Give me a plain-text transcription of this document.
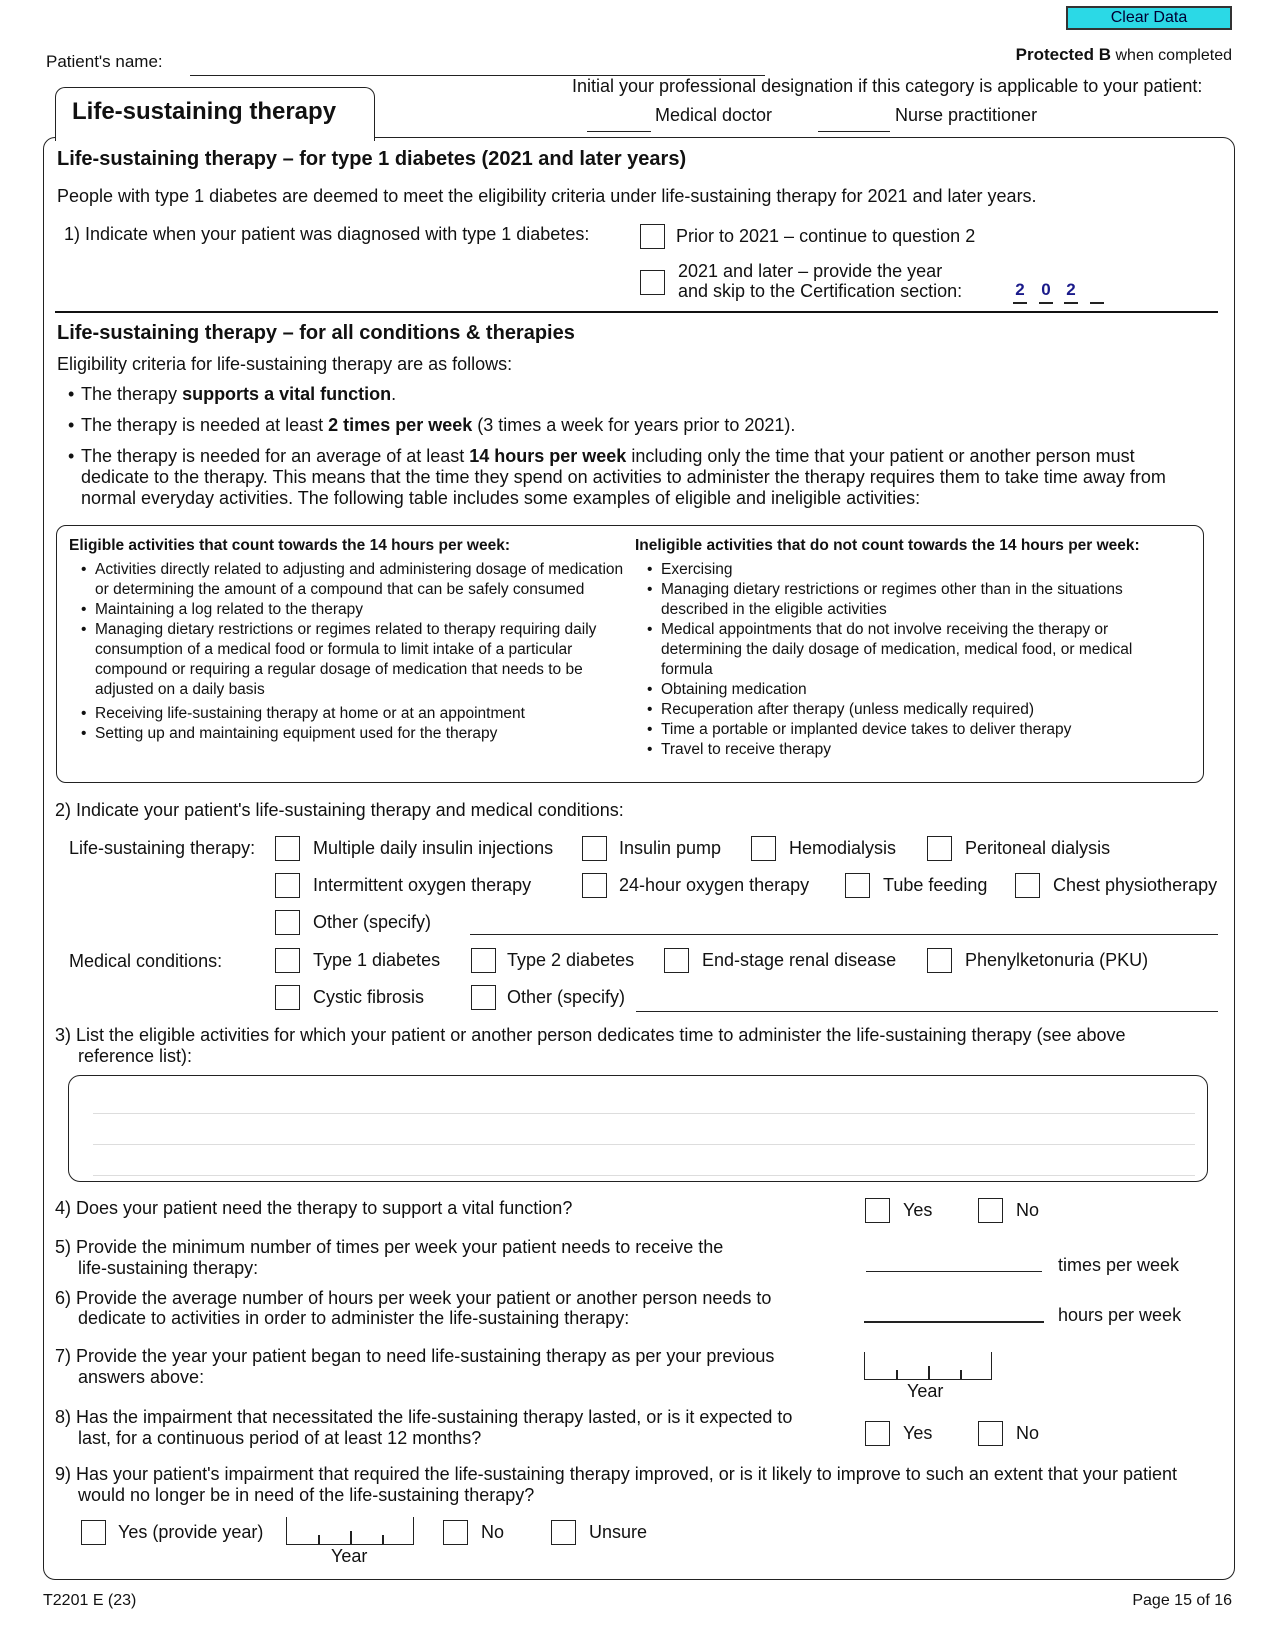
Clear Data
Patient's name:	Protected B when completed
Initial your professional designation if this category is applicable to your patient:
Medical doctor	Nurse practitioner
Life-sustaining therapy
Life-sustaining therapy – for type 1 diabetes (2021 and later years)
People with type 1 diabetes are deemed to meet the eligibility criteria under life-sustaining therapy for 2021 and later years.
1) Indicate when your patient was diagnosed with type 1 diabetes:	Prior to 2021 – continue to question 2
2021 and later – provide the year
and skip to the Certification section:	2 0 2
Life-sustaining therapy – for all conditions & therapies
Eligibility criteria for life-sustaining therapy are as follows:
• The therapy supports a vital function.
• The therapy is needed at least 2 times per week (3 times a week for years prior to 2021).
• The therapy is needed for an average of at least 14 hours per week including only the time that your patient or another person must dedicate to the therapy. This means that the time they spend on activities to administer the therapy requires them to take time away from normal everyday activities. The following table includes some examples of eligible and ineligible activities:
Eligible activities that count towards the 14 hours per week:
• Activities directly related to adjusting and administering dosage of medication or determining the amount of a compound that can be safely consumed
• Maintaining a log related to the therapy
• Managing dietary restrictions or regimes related to therapy requiring daily consumption of a medical food or formula to limit intake of a particular compound or requiring a regular dosage of medication that needs to be adjusted on a daily basis
• Receiving life-sustaining therapy at home or at an appointment
• Setting up and maintaining equipment used for the therapy
Ineligible activities that do not count towards the 14 hours per week:
• Exercising
• Managing dietary restrictions or regimes other than in the situations described in the eligible activities
• Medical appointments that do not involve receiving the therapy or determining the daily dosage of medication, medical food, or medical formula
• Obtaining medication
• Recuperation after therapy (unless medically required)
• Time a portable or implanted device takes to deliver therapy
• Travel to receive therapy
2) Indicate your patient's life-sustaining therapy and medical conditions:
Life-sustaining therapy:	Multiple daily insulin injections	Insulin pump	Hemodialysis	Peritoneal dialysis
Intermittent oxygen therapy	24-hour oxygen therapy	Tube feeding	Chest physiotherapy
Other (specify)
Medical conditions:	Type 1 diabetes	Type 2 diabetes	End-stage renal disease	Phenylketonuria (PKU)
Cystic fibrosis	Other (specify)
3) List the eligible activities for which your patient or another person dedicates time to administer the life-sustaining therapy (see above
reference list):
4) Does your patient need the therapy to support a vital function?	Yes	No
5) Provide the minimum number of times per week your patient needs to receive the
life-sustaining therapy:	times per week
6) Provide the average number of hours per week your patient or another person needs to
dedicate to activities in order to administer the life-sustaining therapy:	hours per week
7) Provide the year your patient began to need life-sustaining therapy as per your previous
answers above:
Year
8) Has the impairment that necessitated the life-sustaining therapy lasted, or is it expected to
last, for a continuous period of at least 12 months?	Yes	No
9) Has your patient's impairment that required the life-sustaining therapy improved, or is it likely to improve to such an extent that your patient
would no longer be in need of the life-sustaining therapy?
Yes (provide year)
Year
No	Unsure
T2201 E (23)	Page 15 of 16
